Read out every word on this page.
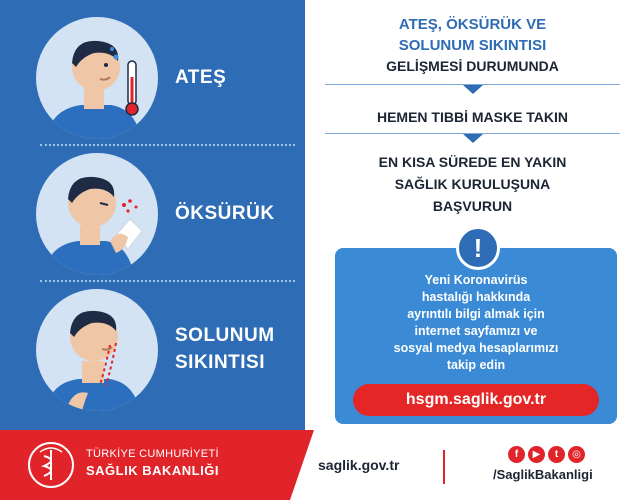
ATEŞ
ÖKSÜRÜK
SOLUNUM
SIKINTISI
ATEŞ, ÖKSÜRÜK VE
SOLUNUM SIKINTISI
GELİŞMESİ DURUMUNDA
HEMEN TIBBİ MASKE TAKIN
EN KISA SÜREDE EN YAKIN
SAĞLIK KURULUŞUNA
BAŞVURUN
Yeni Koronavirüs
hastalığı hakkında
ayrıntılı bilgi almak için
internet sayfamızı ve
sosyal medya hesaplarımızı
takip edin
hsgm.saglik.gov.tr
!
TÜRKİYE CUMHURİYETİ
SAĞLIK BAKANLIĞI	saglik.gov.tr
f	▶	t	◎
/SaglikBakanligi
